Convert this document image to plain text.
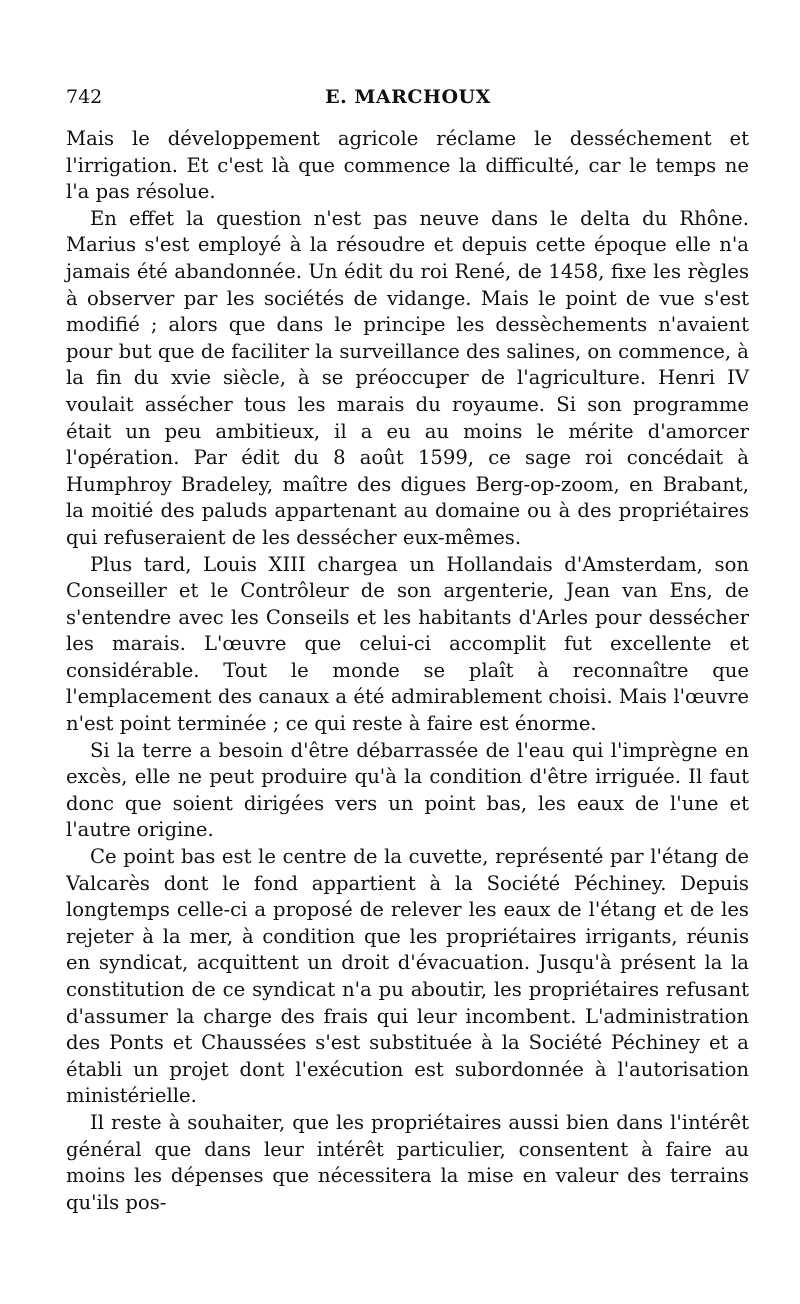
742	E. MARCHOUX

Mais le développement agricole réclame le desséchement et l'irrigation. Et c'est là que commence la difficulté, car le temps ne l'a pas résolue.

En effet la question n'est pas neuve dans le delta du Rhône. Marius s'est employé à la résoudre et depuis cette époque elle n'a jamais été abandonnée. Un édit du roi René, de 1458, fixe les règles à observer par les sociétés de vidange. Mais le point de vue s'est modifié ; alors que dans le principe les dessèchements n'avaient pour but que de faciliter la surveillance des salines, on commence, à la fin du xvie siècle, à se préoccuper de l'agriculture. Henri IV voulait assécher tous les marais du royaume. Si son programme était un peu ambitieux, il a eu au moins le mérite d'amorcer l'opération. Par édit du 8 août 1599, ce sage roi concédait à Humphroy Bradeley, maître des digues Berg-op-zoom, en Brabant, la moitié des paluds appartenant au domaine ou à des propriétaires qui refuseraient de les dessécher eux-mêmes.

Plus tard, Louis XIII chargea un Hollandais d'Amsterdam, son Conseiller et le Contrôleur de son argenterie, Jean van Ens, de s'entendre avec les Conseils et les habitants d'Arles pour dessécher les marais. L'œuvre que celui-ci accomplit fut excellente et considérable. Tout le monde se plaît à reconnaître que l'emplacement des canaux a été admirablement choisi. Mais l'œuvre n'est point terminée ; ce qui reste à faire est énorme.

Si la terre a besoin d'être débarrassée de l'eau qui l'imprègne en excès, elle ne peut produire qu'à la condition d'être irriguée. Il faut donc que soient dirigées vers un point bas, les eaux de l'une et l'autre origine.

Ce point bas est le centre de la cuvette, représenté par l'étang de Valcarès dont le fond appartient à la Société Péchiney. Depuis longtemps celle-ci a proposé de relever les eaux de l'étang et de les rejeter à la mer, à condition que les propriétaires irrigants, réunis en syndicat, acquittent un droit d'évacuation. Jusqu'à présent la la constitution de ce syndicat n'a pu aboutir, les propriétaires refusant d'assumer la charge des frais qui leur incombent. L'administration des Ponts et Chaussées s'est substituée à la Société Péchiney et a établi un projet dont l'exécution est subordonnée à l'autorisation ministérielle.

Il reste à souhaiter, que les propriétaires aussi bien dans l'intérêt général que dans leur intérêt particulier, consentent à faire au moins les dépenses que nécessitera la mise en valeur des terrains qu'ils pos-
